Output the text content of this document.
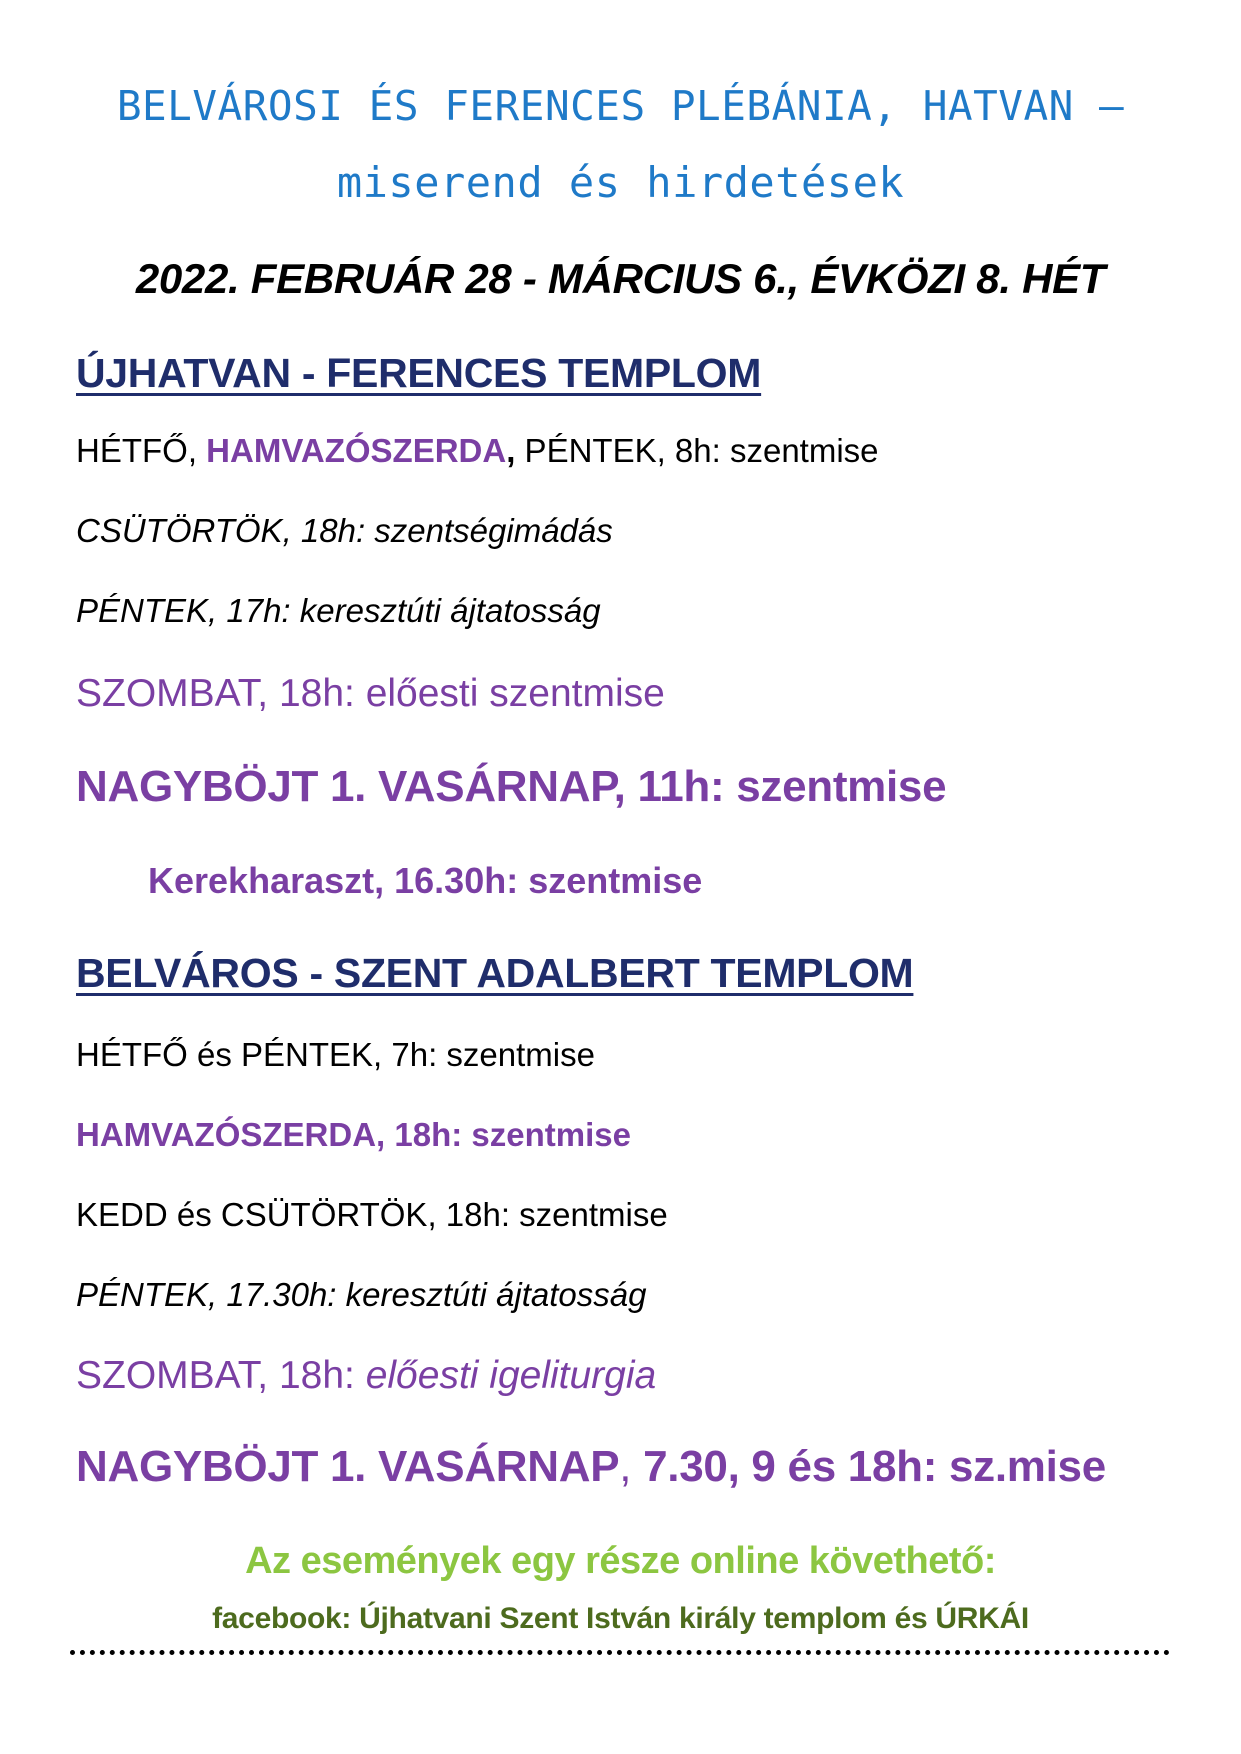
BELVÁROSI ÉS FERENCES PLÉBÁNIA, HATVAN –
miserend és hirdetések
2022. FEBRUÁR 28 - MÁRCIUS 6., ÉVKÖZI 8. HÉT
ÚJHATVAN - FERENCES TEMPLOM
HÉTFŐ, HAMVAZÓSZERDA, PÉNTEK, 8h: szentmise
CSÜTÖRTÖK, 18h: szentségimádás
PÉNTEK, 17h: keresztúti ájtatosság
SZOMBAT, 18h: előesti szentmise
NAGYBÖJT 1. VASÁRNAP, 11h: szentmise
Kerekharaszt, 16.30h: szentmise
BELVÁROS - SZENT ADALBERT TEMPLOM
HÉTFŐ és PÉNTEK, 7h: szentmise
HAMVAZÓSZERDA, 18h: szentmise
KEDD és CSÜTÖRTÖK, 18h: szentmise
PÉNTEK, 17.30h: keresztúti ájtatosság
SZOMBAT, 18h: előesti igeliturgia
NAGYBÖJT 1. VASÁRNAP, 7.30, 9 és 18h: sz.mise
Az események egy része online követhető:
facebook: Újhatvani Szent István király templom és ÚRKÁI
